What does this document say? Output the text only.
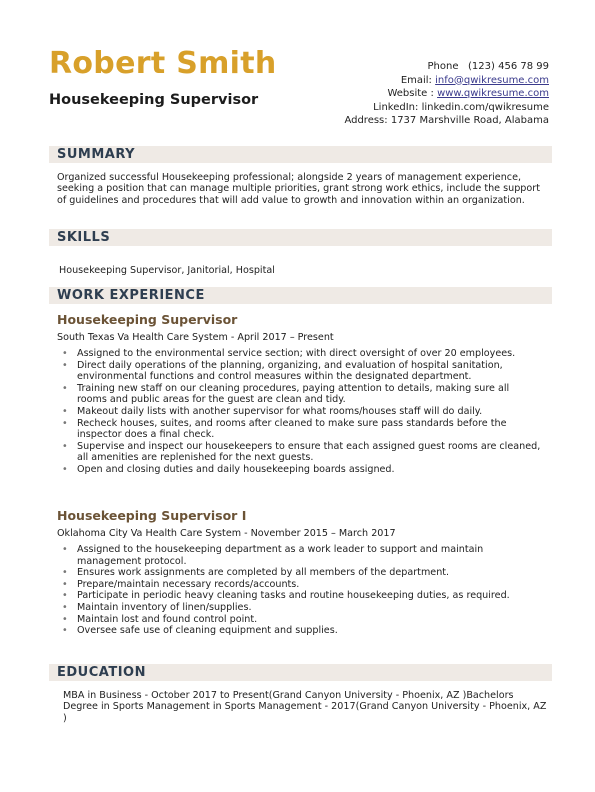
Robert Smith
Housekeeping Supervisor
Phone (123) 456 78 99
Email: info@qwikresume.com
Website : www.qwikresume.com
LinkedIn: linkedin.com/qwikresume
Address: 1737 Marshville Road, Alabama
SUMMARY
Organized successful Housekeeping professional; alongside 2 years of management experience, seeking a position that can manage multiple priorities, grant strong work ethics, include the support of guidelines and procedures that will add value to growth and innovation within an organization.
SKILLS
Housekeeping Supervisor, Janitorial, Hospital
WORK EXPERIENCE
Housekeeping Supervisor
South Texas Va Health Care System - April 2017 – Present
• Assigned to the environmental service section; with direct oversight of over 20 employees.
• Direct daily operations of the planning, organizing, and evaluation of hospital sanitation, environmental functions and control measures within the designated department.
• Training new staff on our cleaning procedures, paying attention to details, making sure all rooms and public areas for the guest are clean and tidy.
• Makeout daily lists with another supervisor for what rooms/houses staff will do daily.
• Recheck houses, suites, and rooms after cleaned to make sure pass standards before the inspector does a final check.
• Supervise and inspect our housekeepers to ensure that each assigned guest rooms are cleaned, all amenities are replenished for the next guests.
• Open and closing duties and daily housekeeping boards assigned.
Housekeeping Supervisor I
Oklahoma City Va Health Care System - November 2015 – March 2017
• Assigned to the housekeeping department as a work leader to support and maintain management protocol.
• Ensures work assignments are completed by all members of the department.
• Prepare/maintain necessary records/accounts.
• Participate in periodic heavy cleaning tasks and routine housekeeping duties, as required.
• Maintain inventory of linen/supplies.
• Maintain lost and found control point.
• Oversee safe use of cleaning equipment and supplies.
EDUCATION
MBA in Business - October 2017 to Present(Grand Canyon University - Phoenix, AZ )Bachelors Degree in Sports Management in Sports Management - 2017(Grand Canyon University - Phoenix, AZ )
